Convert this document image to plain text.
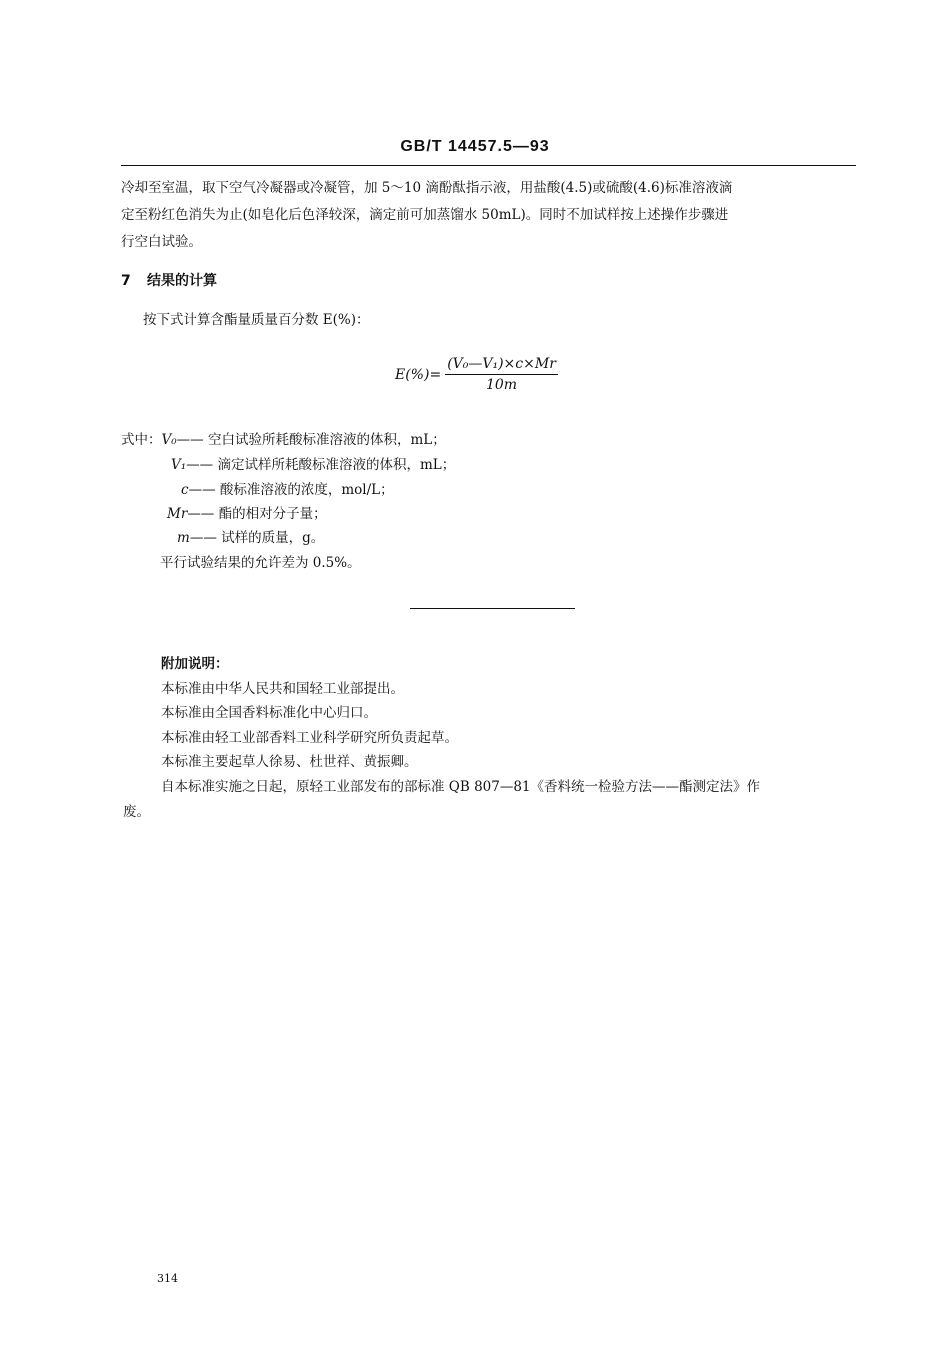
GB/T 14457.5—93
冷却至室温，取下空气冷凝器或冷凝管，加 5～10 滴酚酞指示液，用盐酸(4.5)或硫酸(4.6)标准溶液滴
定至粉红色消失为止(如皂化后色泽较深，滴定前可加蒸馏水 50mL)。同时不加试样按上述操作步骤进
行空白试验。
7 结果的计算
按下式计算含酯量质量百分数 E(%)：
$E(\%)= \frac{\text{(V₀—V₁)×c×Mr}}{10m}$
式中：V₀—— 空白试验所耗酸标准溶液的体积，mL；
V₁—— 滴定试样所耗酸标准溶液的体积，mL；
c—— 酸标准溶液的浓度，mol/L；
Mr—— 酯的相对分子量；
m—— 试样的质量，g。
平行试验结果的允许差为 0.5%。
附加说明：
本标准由中华人民共和国轻工业部提出。
本标准由全国香料标准化中心归口。
本标准由轻工业部香料工业科学研究所负责起草。
本标准主要起草人徐易、杜世祥、黄振卿。
自本标准实施之日起，原轻工业部发布的部标准 QB 807—81《香料统一检验方法——酯测定法》作
废。
314
